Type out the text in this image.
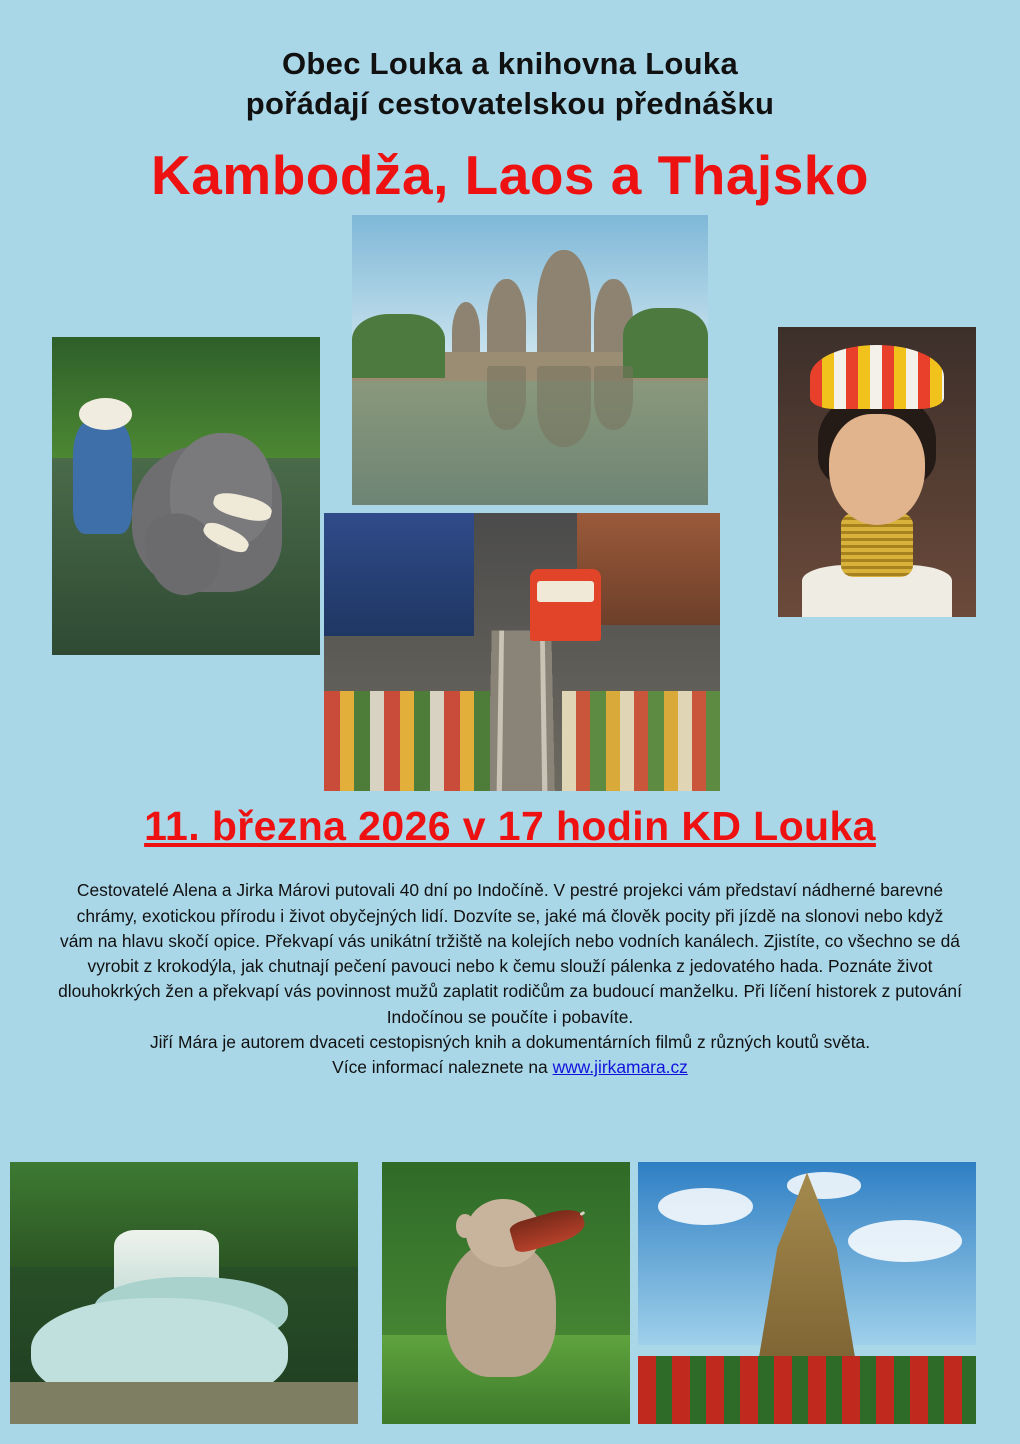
Obec Louka a knihovna Louka
pořádají cestovatelskou přednášku
Kambodža, Laos a Thajsko
11. března 2026 v 17 hodin KD Louka

Cestovatelé Alena a Jirka Márovi putovali 40 dní po Indočíně. V pestré projekci vám představí nádherné barevné chrámy, exotickou přírodu i život obyčejných lidí. Dozvíte se, jaké má člověk pocity při jízdě na slonovi nebo když vám na hlavu skočí opice. Překvapí vás unikátní tržiště na kolejích nebo vodních kanálech. Zjistíte, co všechno se dá vyrobit z krokodýla, jak chutnají pečení pavouci nebo k čemu slouží pálenka z jedovatého hada. Poznáte život dlouhokrkých žen a překvapí vás povinnost mužů zaplatit rodičům za budoucí manželku. Při líčení historek z putování Indočínou se poučíte i pobavíte.

Jiří Mára je autorem dvaceti cestopisných knih a dokumentárních filmů z různých koutů světa.

Více informací naleznete na www.jirkamara.cz
